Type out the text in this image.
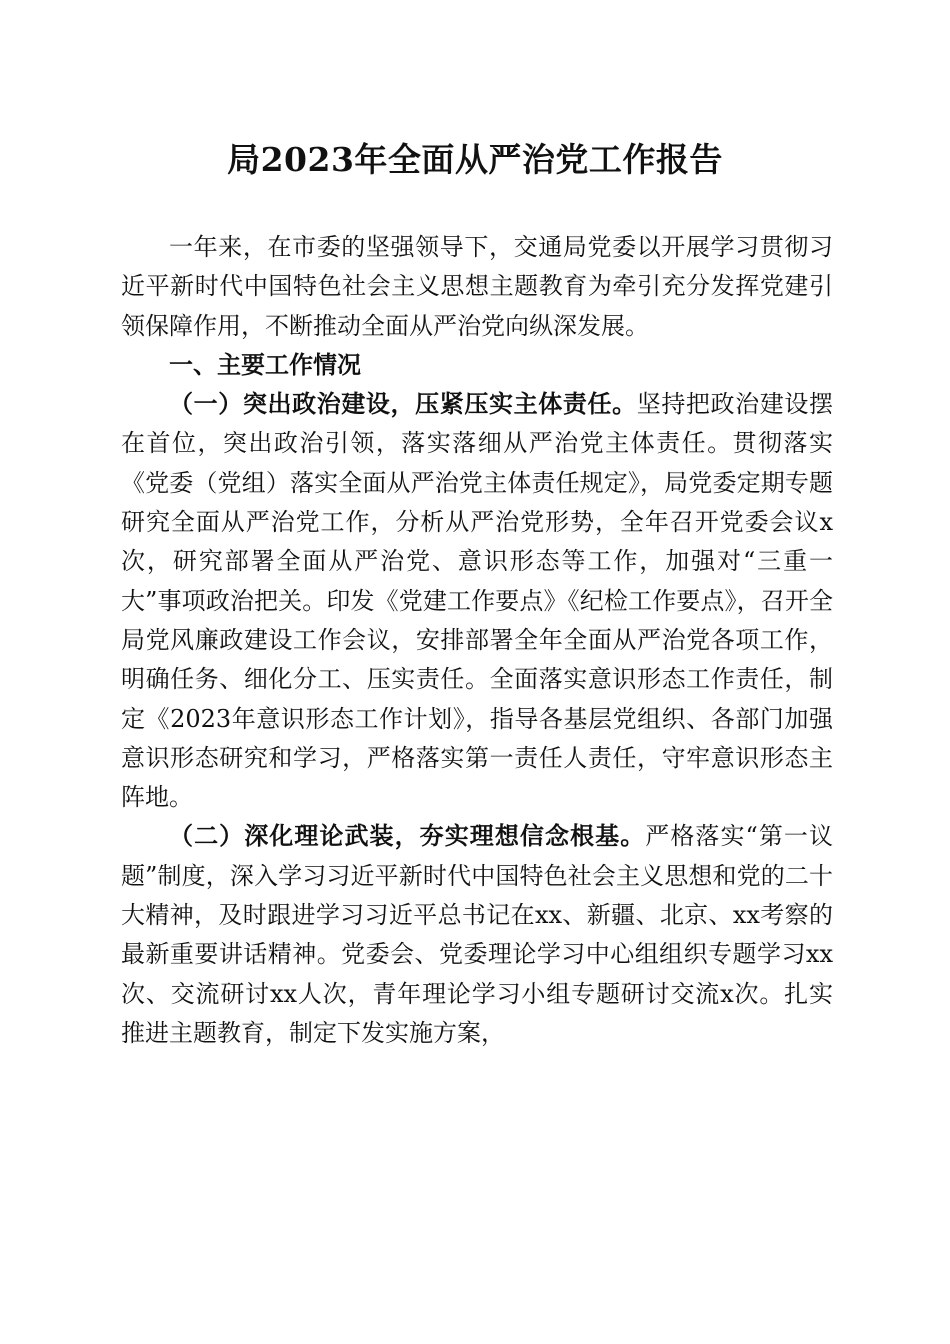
局2023年全面从严治党工作报告

一年来，在市委的坚强领导下，交通局党委以开展学习贯彻习近平新时代中国特色社会主义思想主题教育为牵引充分发挥党建引领保障作用，不断推动全面从严治党向纵深发展。

一、主要工作情况

（一）突出政治建设，压紧压实主体责任。坚持把政治建设摆在首位，突出政治引领，落实落细从严治党主体责任。贯彻落实《党委（党组）落实全面从严治党主体责任规定》，局党委定期专题研究全面从严治党工作，分析从严治党形势，全年召开党委会议x次，研究部署全面从严治党、意识形态等工作，加强对“三重一大”事项政治把关。印发《党建工作要点》《纪检工作要点》，召开全局党风廉政建设工作会议，安排部署全年全面从严治党各项工作，明确任务、细化分工、压实责任。全面落实意识形态工作责任，制定《2023年意识形态工作计划》，指导各基层党组织、各部门加强意识形态研究和学习，严格落实第一责任人责任，守牢意识形态主阵地。

（二）深化理论武装，夯实理想信念根基。严格落实“第一议题”制度，深入学习习近平新时代中国特色社会主义思想和党的二十大精神，及时跟进学习习近平总书记在xx、新疆、北京、xx考察的最新重要讲话精神。党委会、党委理论学习中心组组织专题学习xx次、交流研讨xx人次，青年理论学习小组专题研讨交流x次。扎实推进主题教育，制定下发实施方案，
